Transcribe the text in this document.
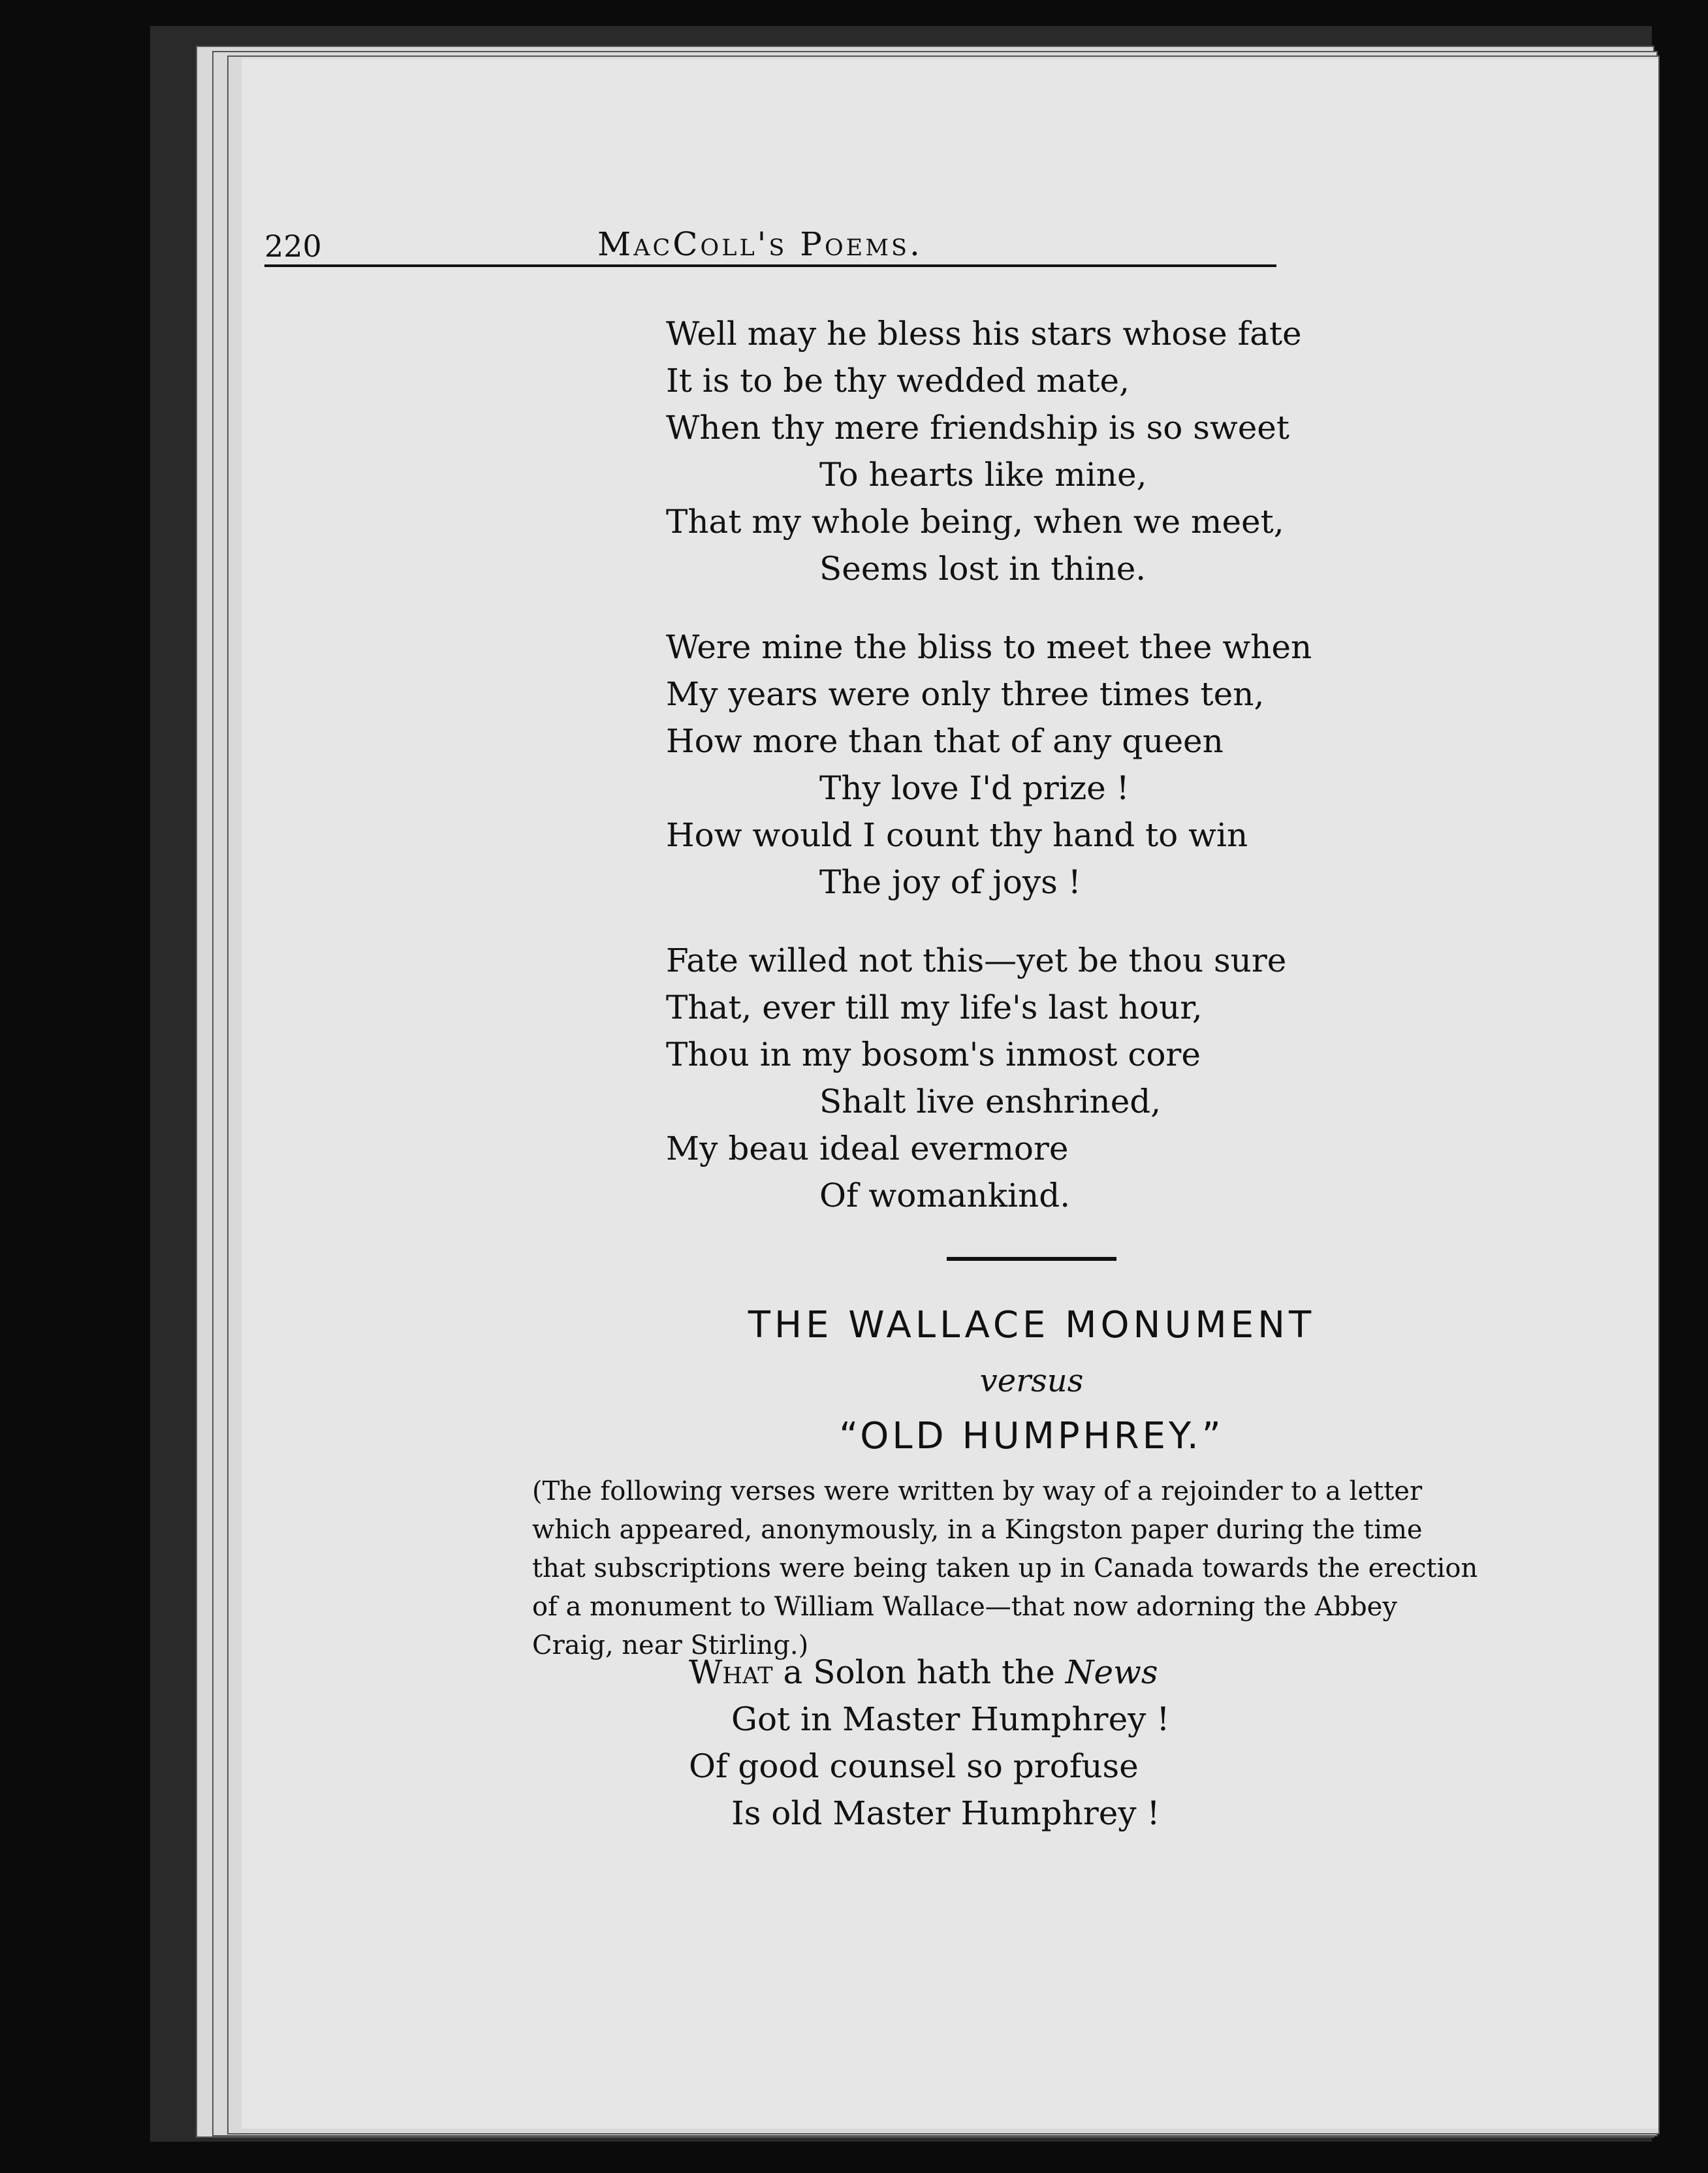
220	MacColl's Poems.
Well may he bless his stars whose fate
It is to be thy wedded mate,
When thy mere friendship is so sweet
To hearts like mine,
That my whole being, when we meet,
Seems lost in thine.
Were mine the bliss to meet thee when
My years were only three times ten,
How more than that of any queen
Thy love I'd prize !
How would I count thy hand to win
The joy of joys !
Fate willed not this—yet be thou sure
That, ever till my life's last hour,
Thou in my bosom's inmost core
Shalt live enshrined,
My beau ideal evermore
Of womankind.
THE WALLACE MONUMENT
versus
“OLD HUMPHREY.”
(The following verses were written by way of a rejoinder to a letter
which appeared, anonymously, in a Kingston paper during the time
that subscriptions were being taken up in Canada towards the erection
of a monument to William Wallace—that now adorning the Abbey
Craig, near Stirling.)
What a Solon hath the News
Got in Master Humphrey !
Of good counsel so profuse
Is old Master Humphrey !
